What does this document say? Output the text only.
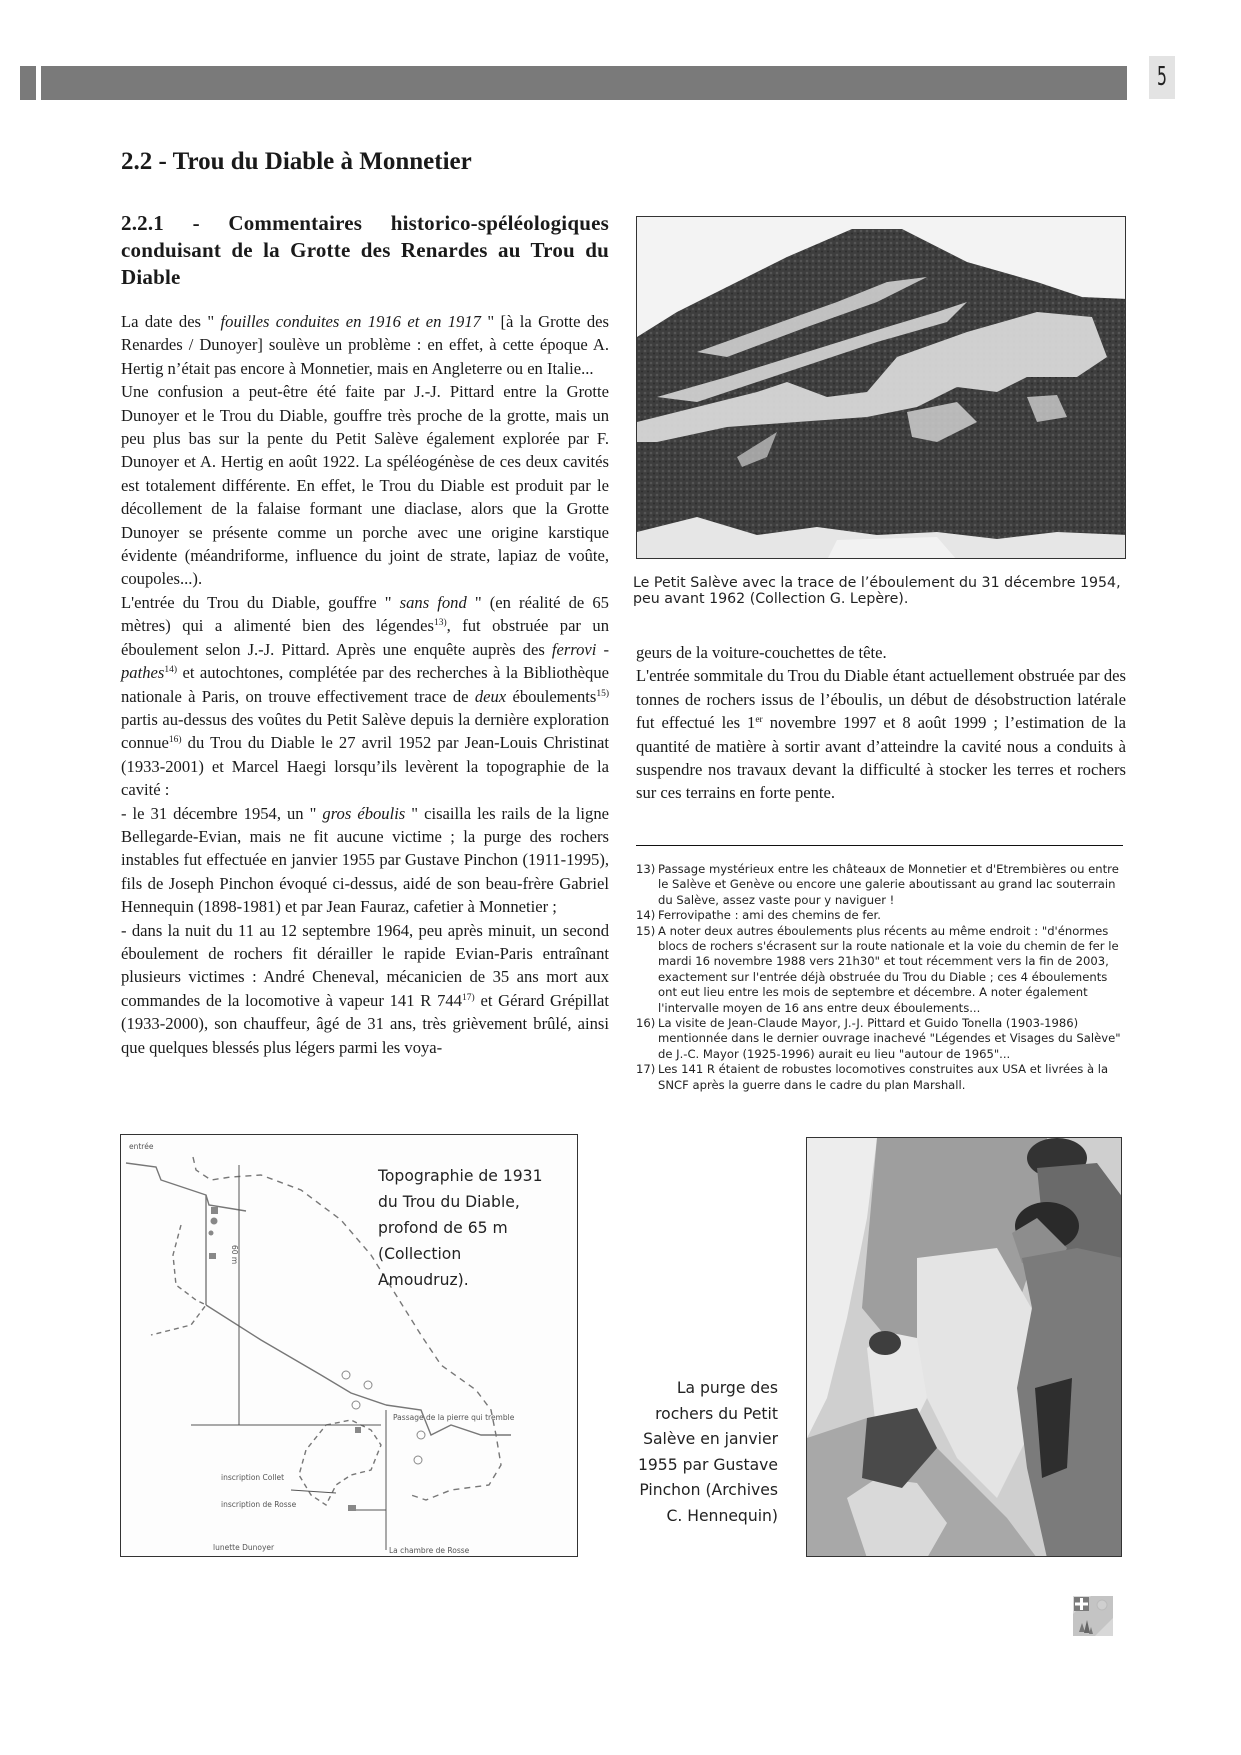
5
2.2 - Trou du Diable à Monnetier
2.2.1 - Commentaires historico-spéléologiques conduisant de la Grotte des Renardes au Trou du Diable

La date des " fouilles conduites en 1916 et en 1917 " [à la Grotte des Renardes / Dunoyer] soulève un problème : en effet, à cette époque A. Hertig n’était pas encore à Monnetier, mais en Angleterre ou en Italie...

Une confusion a peut-être été faite par J.-J. Pittard entre la Grotte Dunoyer et le Trou du Diable, gouffre très proche de la grotte, mais un peu plus bas sur la pente du Petit Salève également explorée par F. Dunoyer et A. Hertig en août 1922. La spéléogénèse de ces deux cavités est totalement différente. En effet, le Trou du Diable est produit par le décollement de la falaise formant une diaclase, alors que la Grotte Dunoyer se présente comme un porche avec une origine karstique évidente (méandriforme, influence du joint de strate, lapiaz de voûte, coupoles...).

L'entrée du Trou du Diable, gouffre " sans fond " (en réalité de 65 mètres) qui a alimenté bien des légendes$^{13)}$, fut obstruée par un éboulement selon J.-J. Pittard. Après une enquête auprès des ferrovi - pathes$^{14)}$ et autochtones, complétée par des recherches à la Bibliothèque nationale à Paris, on trouve effectivement trace de deux éboulements$^{15)}$ partis au-dessus des voûtes du Petit Salève depuis la dernière exploration connue$^{16)}$ du Trou du Diable le 27 avril 1952 par Jean-Louis Christinat (1933-2001) et Marcel Haegi lorsqu’ils levèrent la topographie de la cavité :

- le 31 décembre 1954, un " gros éboulis " cisailla les rails de la ligne Bellegarde-Evian, mais ne fit aucune victime ; la purge des rochers instables fut effectuée en janvier 1955 par Gustave Pinchon (1911-1995), fils de Joseph Pinchon évoqué ci-dessus, aidé de son beau-frère Gabriel Hennequin (1898-1981) et par Jean Fauraz, cafetier à Monnetier ;

- dans la nuit du 11 au 12 septembre 1964, peu après minuit, un second éboulement de rochers fit dérailler le rapide Evian-Paris entraînant plusieurs victimes : André Cheneval, mécanicien de 35 ans mort aux commandes de la locomotive à vapeur 141 R 744$^{17)}$ et Gérard Grépillat (1933-2000), son chauffeur, âgé de 31 ans, très grièvement brûlé, ainsi que quelques blessés plus légers parmi les voya-

Le Petit Salève avec la trace de l’éboulement du 31 décembre 1954, peu avant 1962 (Collection G. Lepère).

geurs de la voiture-couchettes de tête.

L'entrée sommitale du Trou du Diable étant actuellement obstruée par des tonnes de rochers issus de l’éboulis, un début de désobstruction latérale fut effectué les 1er novembre 1997 et 8 août 1999 ; l’estimation de la quantité de matière à sortir avant d’atteindre la cavité nous a conduits à suspendre nos travaux devant la difficulté à stocker les terres et rochers sur ces terrains en forte pente.

13) Passage mystérieux entre les châteaux de Monnetier et d'Etrembières ou entre le Salève et Genève ou encore une galerie aboutissant au grand lac souterrain du Salève, assez vaste pour y naviguer !
14) Ferrovipathe : ami des chemins de fer.
15) A noter deux autres éboulements plus récents au même endroit : "d'énormes blocs de rochers s'écrasent sur la route nationale et la voie du chemin de fer le mardi 16 novembre 1988 vers 21h30" et tout récemment vers la fin de 2003, exactement sur l'entrée déjà obstruée du Trou du Diable ; ces 4 éboulements ont eut lieu entre les mois de septembre et décembre. A noter également l'intervalle moyen de 16 ans entre deux éboulements...
16) La visite de Jean-Claude Mayor, J.-J. Pittard et Guido Tonella (1903-1986) mentionnée dans le dernier ouvrage inachevé "Légendes et Visages du Salève" de J.-C. Mayor (1925-1996) aurait eu lieu "autour de 1965"...
17) Les 141 R étaient de robustes locomotives construites aux USA et livrées à la SNCF après la guerre dans le cadre du plan Marshall.
entrée
60 m
Passage de la pierre qui tremble
inscription Collet
inscription de Rosse
lunette Dunoyer	La chambre de Rosse
Topographie de 1931 du Trou du Diable, profond de 65 m (Collection Amoudruz).
La purge des rochers du Petit Salève en janvier 1955 par Gustave Pinchon (Archives C. Hennequin)
